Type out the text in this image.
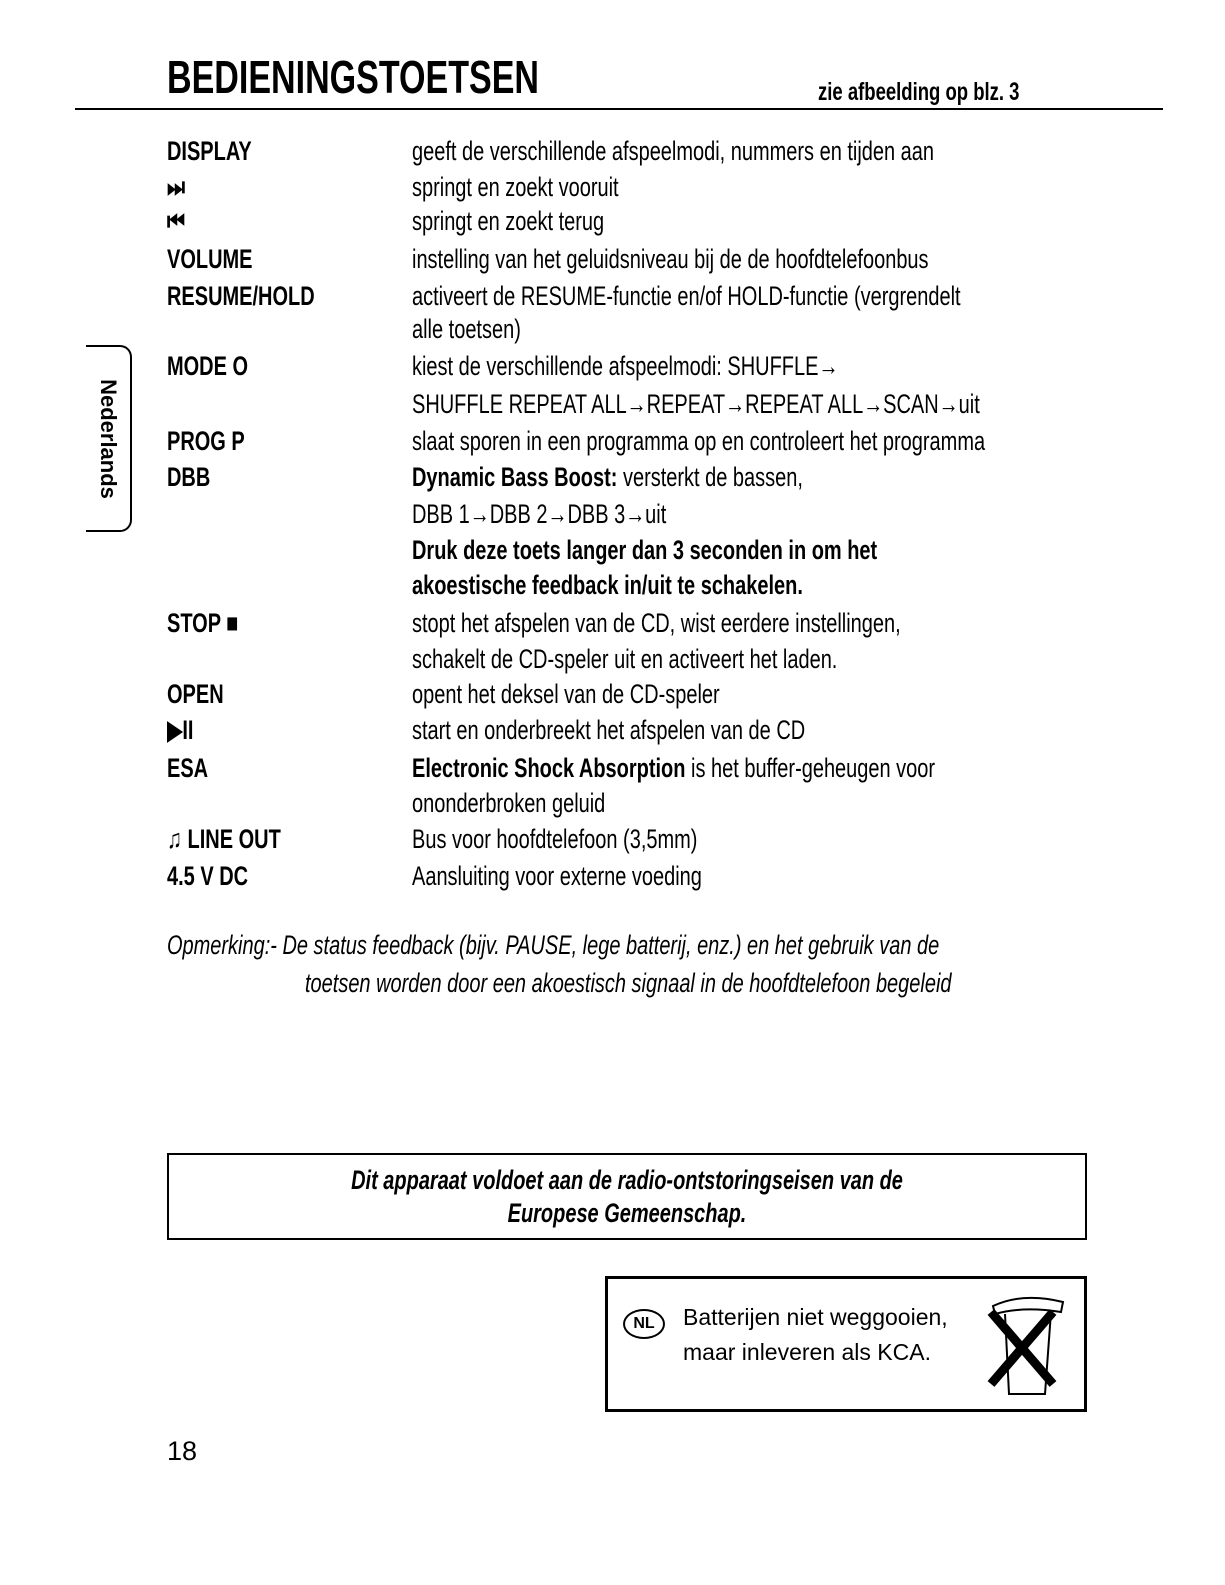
BEDIENINGSTOETSEN	zie afbeelding op blz. 3
Nederlands
DISPLAY	geeft de verschillende afspeelmodi, nummers en tijden aan
⏭	springt en zoekt vooruit
⏮	springt en zoekt terug
VOLUME	instelling van het geluidsniveau bij de de hoofdtelefoonbus
RESUME/HOLD	activeert de RESUME-functie en/of HOLD-functie (vergrendelt
alle toetsen)
MODE O	kiest de verschillende afspeelmodi: SHUFFLE→
SHUFFLE REPEAT ALL→REPEAT→REPEAT ALL→SCAN→uit
PROG P	slaat sporen in een programma op en controleert het programma
DBB	Dynamic Bass Boost: versterkt de bassen,
DBB 1→DBB 2→DBB 3→uit
Druk deze toets langer dan 3 seconden in om het
akoestische feedback in/uit te schakelen.
STOP ■	stopt het afspelen van de CD, wist eerdere instellingen,
schakelt de CD-speler uit en activeert het laden.
OPEN	opent het deksel van de CD-speler
▶II	start en onderbreekt het afspelen van de CD
ESA	Electronic Shock Absorption is het buffer-geheugen voor
ononderbroken geluid
♫ LINE OUT	Bus voor hoofdtelefoon (3,5mm)
4.5 V DC	Aansluiting voor externe voeding
Opmerking:- De status feedback (bijv. PAUSE, lege batterij, enz.) en het gebruik van de
toetsen worden door een akoestisch signaal in de hoofdtelefoon begeleid
Dit apparaat voldoet aan de radio-ontstoringseisen van de
Europese Gemeenschap.
NL	Batterijen niet weggooien,
maar inleveren als KCA.
18
